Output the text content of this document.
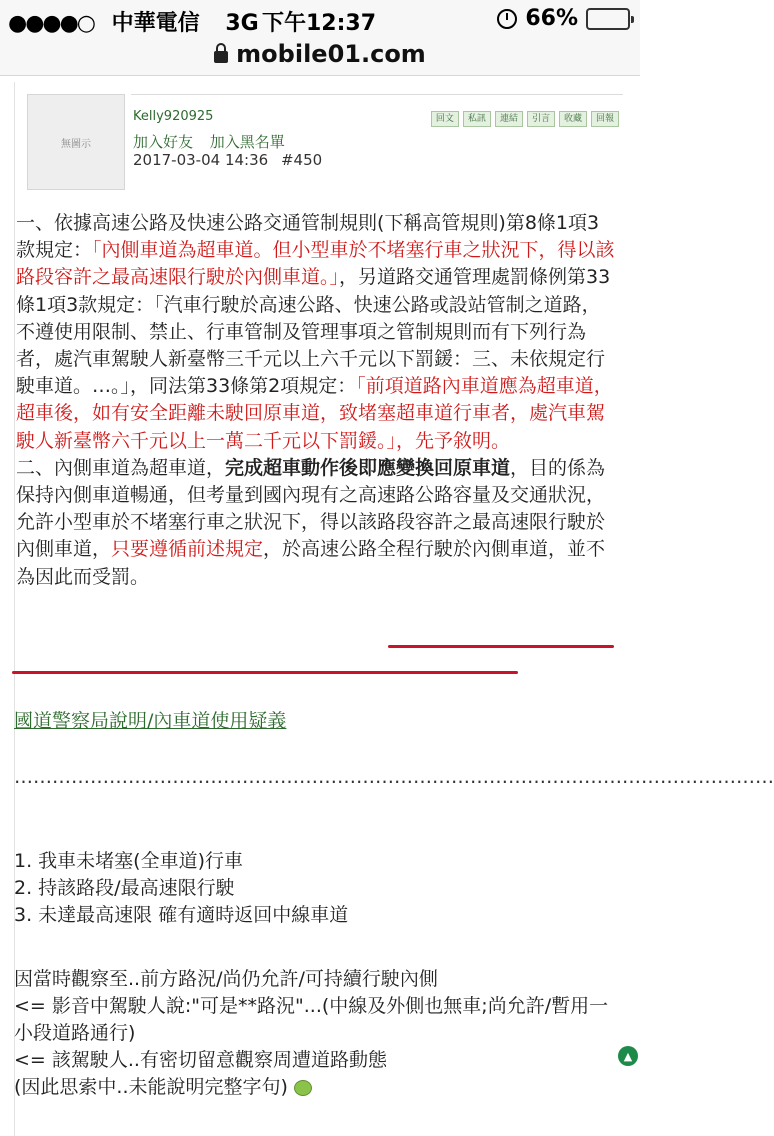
●●●●○ 中華電信 3G 下午12:37	66%
mobile01.com
無圖示
Kelly920925
加入好友 加入黑名單
2017-03-04 14:36 #450
回文	私訊	連結	引言	收藏	回報
一、依據高速公路及快速公路交通管制規則(下稱高管規則)第8條1項3款規定：「內側車道為超車道。但小型車於不堵塞行車之狀況下，得以該路段容許之最高速限行駛於內側車道。」，另道路交通管理處罰條例第33條1項3款規定：「汽車行駛於高速公路、快速公路或設站管制之道路，不遵使用限制、禁止、行車管制及管理事項之管制規則而有下列行為者，處汽車駕駛人新臺幣三千元以上六千元以下罰鍰：三、未依規定行駛車道。…。」，同法第33條第2項規定：「前項道路內車道應為超車道，超車後，如有安全距離未駛回原車道，致堵塞超車道行車者，處汽車駕駛人新臺幣六千元以上一萬二千元以下罰鍰。」，先予敘明。
二、內側車道為超車道，完成超車動作後即應變換回原車道，目的係為保持內側車道暢通，但考量到國內現有之高速路公路容量及交通狀況，允許小型車於不堵塞行車之狀況下，得以該路段容許之最高速限行駛於內側車道，只要遵循前述規定，於高速公路全程行駛於內側車道，並不為因此而受罰。
國道警察局說明/內車道使用疑義
…………………………………………………………………………………………………………
1. 我車未堵塞(全車道)行車
2. 持該路段/最高速限行駛
3. 未達最高速限 確有適時返回中線車道
因當時觀察至..前方路況/尚仍允許/可持續行駛內側
<= 影音中駕駛人說:"可是**路況"...(中線及外側也無車;尚允許/暫用一小段道路通行)
<= 該駕駛人..有密切留意觀察周遭道路動態
(因此思索中..未能說明完整字句)
▲
